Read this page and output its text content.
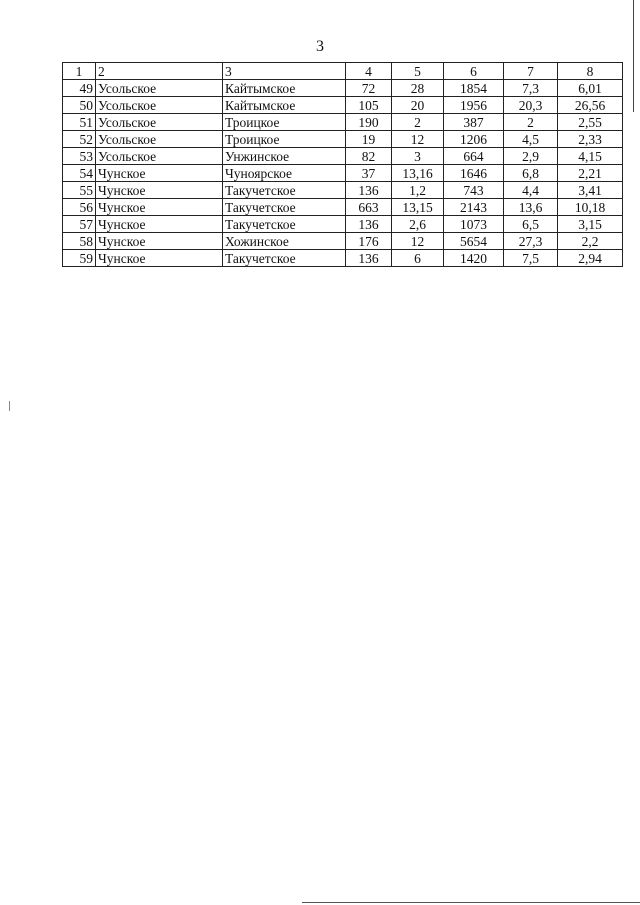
3
1	2	3	4	5	6	7	8
49	Усольское	Кайтымское	72	28	1854	7,3	6,01
50	Усольское	Кайтымское	105	20	1956	20,3	26,56
51	Усольское	Троицкое	190	2	387	2	2,55
52	Усольское	Троицкое	19	12	1206	4,5	2,33
53	Усольское	Унжинское	82	3	664	2,9	4,15
54	Чунское	Чуноярское	37	13,16	1646	6,8	2,21
55	Чунское	Такучетское	136	1,2	743	4,4	3,41
56	Чунское	Такучетское	663	13,15	2143	13,6	10,18
57	Чунское	Такучетское	136	2,6	1073	6,5	3,15
58	Чунское	Хожинское	176	12	5654	27,3	2,2
59	Чунское	Такучетское	136	6	1420	7,5	2,94
